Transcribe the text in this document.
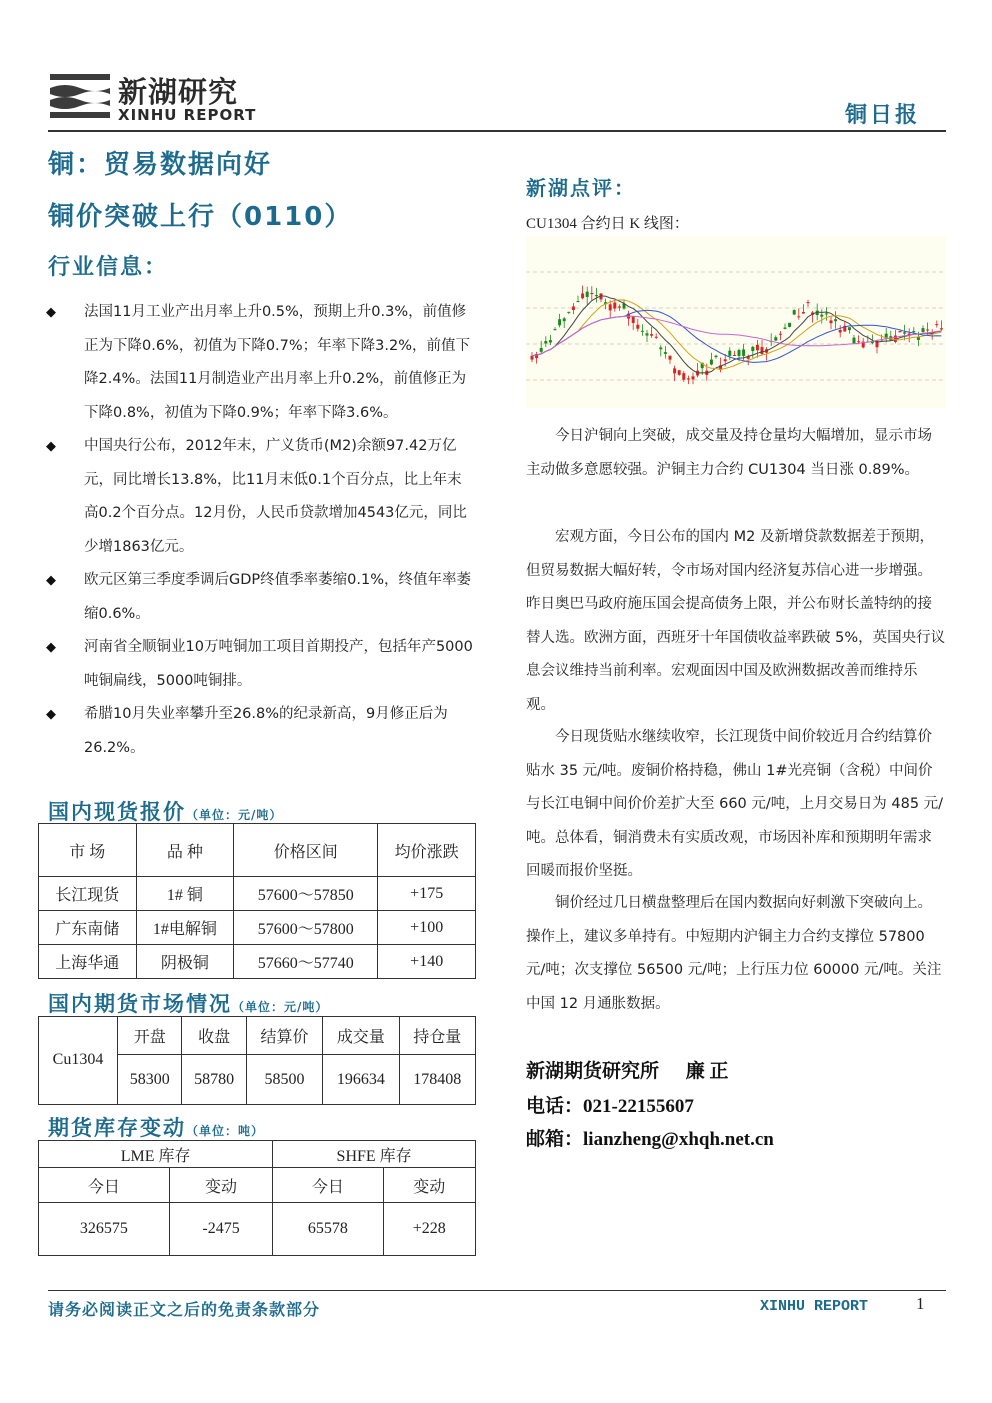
新湖研究
XINHU REPORT	铜日报
铜：贸易数据向好
铜价突破上行（0110）
行业信息：
◆ 法国11月工业产出月率上升0.5%，预期上升0.3%，前值修正为下降0.6%，初值为下降0.7%；年率下降3.2%，前值下降2.4%。法国11月制造业产出月率上升0.2%，前值修正为下降0.8%，初值为下降0.9%；年率下降3.6%。
◆ 中国央行公布，2012年末，广义货币(M2)余额97.42万亿元，同比增长13.8%，比11月末低0.1个百分点，比上年末高0.2个百分点。12月份，人民币贷款增加4543亿元，同比少增1863亿元。
◆ 欧元区第三季度季调后GDP终值季率萎缩0.1%，终值年率萎缩0.6%。
◆ 河南省全顺铜业10万吨铜加工项目首期投产，包括年产5000吨铜扁线，5000吨铜排。
◆ 希腊10月失业率攀升至26.8%的纪录新高，9月修正后为26.2%。
国内现货报价（单位：元/吨）
市 场	品 种	价格区间	均价涨跌
长江现货	1# 铜	57600～57850	+175
广东南储	1#电解铜	57600～57800	+100
上海华通	阴极铜	57660～57740	+140
国内期货市场情况（单位：元/吨）
Cu1304	开盘	收盘	结算价	成交量	持仓量
	58300	58780	58500	196634	178408
期货库存变动（单位：吨）
LME 库存		SHFE 库存	
今日	变动	今日	变动
326575	-2475	65578	+228
新湖点评：
CU1304 合约日 K 线图：

今日沪铜向上突破，成交量及持仓量均大幅增加，显示市场主动做多意愿较强。沪铜主力合约 CU1304 当日涨 0.89%。

宏观方面，今日公布的国内 M2 及新增贷款数据差于预期，但贸易数据大幅好转，令市场对国内经济复苏信心进一步增强。昨日奥巴马政府施压国会提高债务上限，并公布财长盖特纳的接替人选。欧洲方面，西班牙十年国债收益率跌破 5%，英国央行议息会议维持当前利率。宏观面因中国及欧洲数据改善而维持乐观。

今日现货贴水继续收窄，长江现货中间价较近月合约结算价贴水 35 元/吨。废铜价格持稳，佛山 1#光亮铜（含税）中间价与长江电铜中间价价差扩大至 660 元/吨，上月交易日为 485 元/吨。总体看，铜消费未有实质改观，市场因补库和预期明年需求回暖而报价坚挺。

铜价经过几日横盘整理后在国内数据向好刺激下突破向上。操作上，建议多单持有。中短期内沪铜主力合约支撑位 57800 元/吨；次支撑位 56500 元/吨；上行压力位 60000 元/吨。关注中国 12 月通胀数据。

新湖期货研究所 廉 正
电话：021-22155607
邮箱：lianzheng@xhqh.net.cn
请务必阅读正文之后的免责条款部分	XINHU REPORT	1
